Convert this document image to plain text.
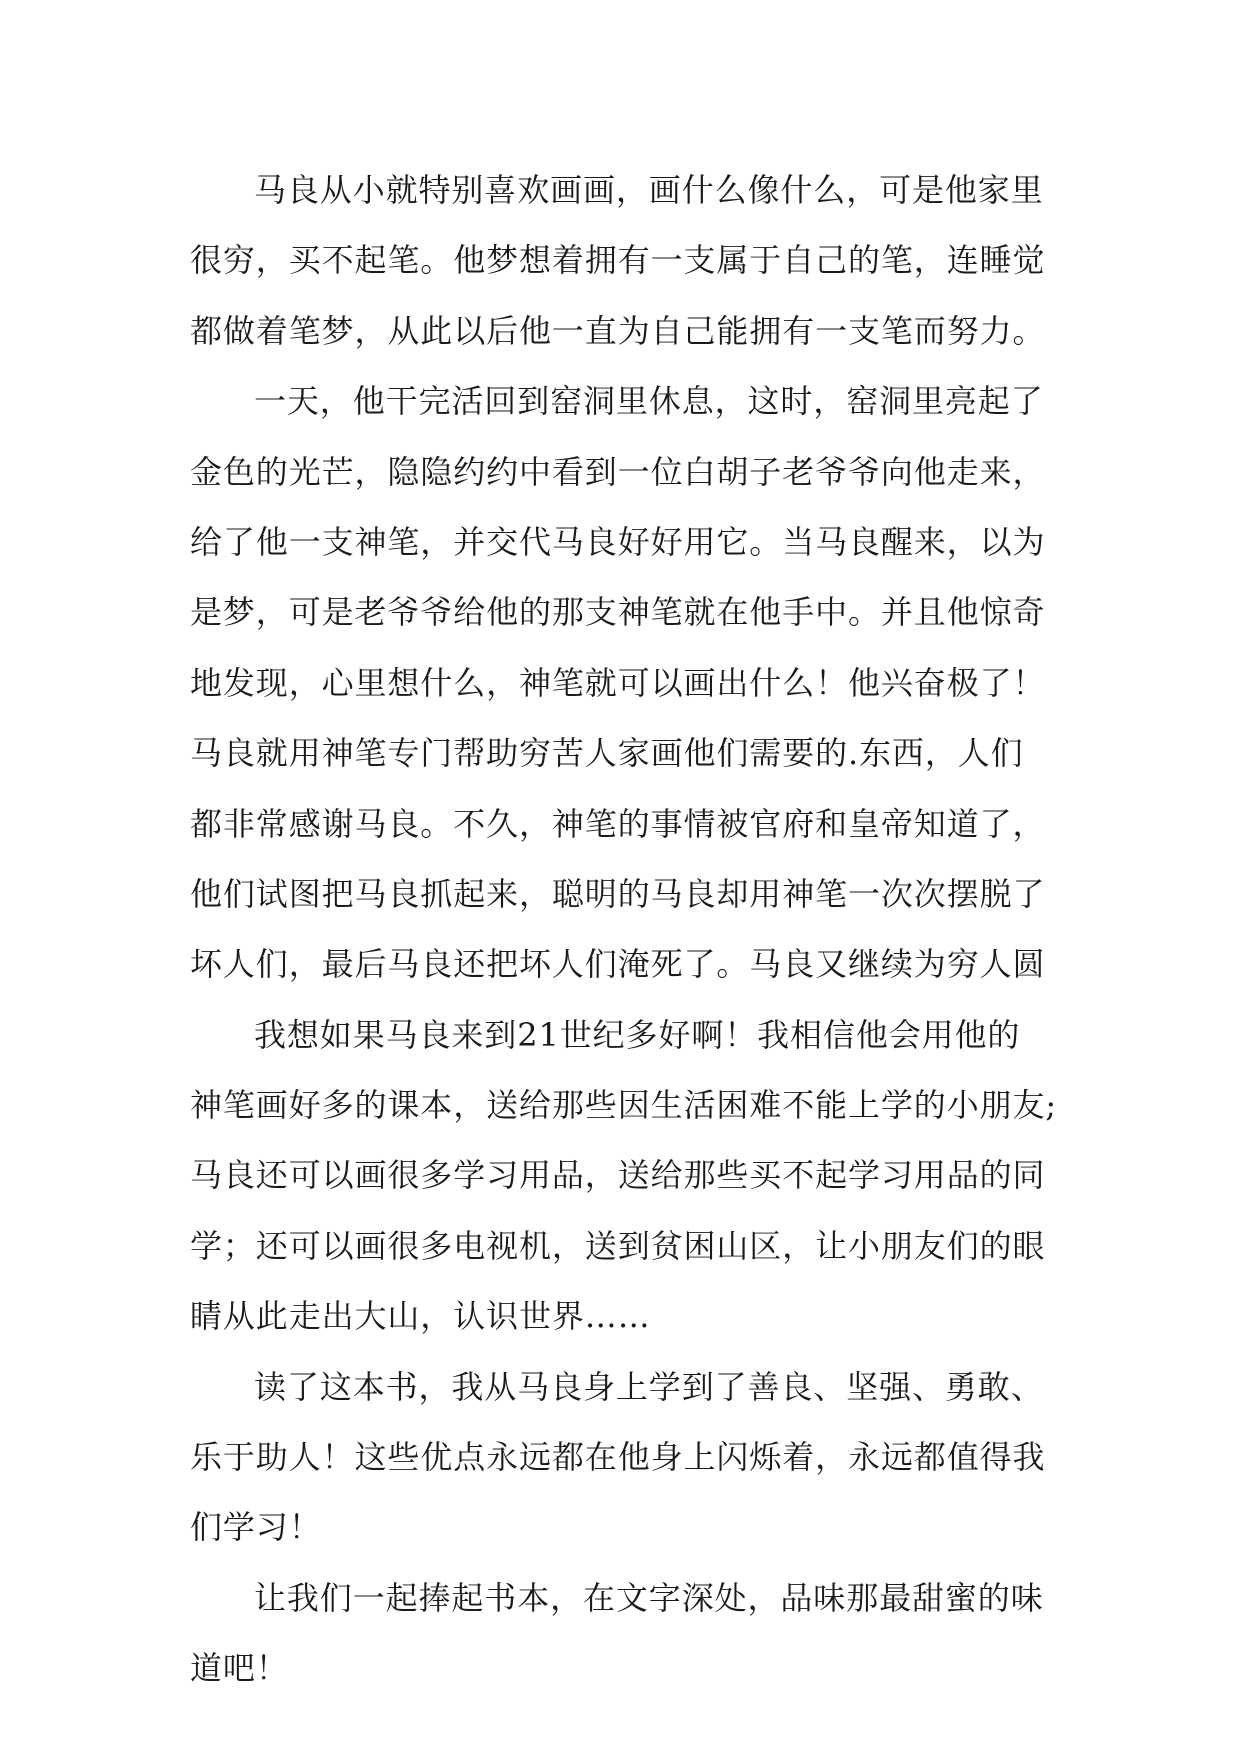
马良从小就特别喜欢画画，画什么像什么，可是他家里
很穷，买不起笔。他梦想着拥有一支属于自己的笔，连睡觉
都做着笔梦，从此以后他一直为自己能拥有一支笔而努力。
一天，他干完活回到窑洞里休息，这时，窑洞里亮起了
金色的光芒，隐隐约约中看到一位白胡子老爷爷向他走来，
给了他一支神笔，并交代马良好好用它。当马良醒来，以为
是梦，可是老爷爷给他的那支神笔就在他手中。并且他惊奇
地发现，心里想什么，神笔就可以画出什么！他兴奋极了！
马良就用神笔专门帮助穷苦人家画他们需要的.东西，人们
都非常感谢马良。不久，神笔的事情被官府和皇帝知道了，
他们试图把马良抓起来，聪明的马良却用神笔一次次摆脱了
坏人们，最后马良还把坏人们淹死了。马良又继续为穷人圆
我想如果马良来到21世纪多好啊！我相信他会用他的
神笔画好多的课本，送给那些因生活困难不能上学的小朋友;
马良还可以画很多学习用品，送给那些买不起学习用品的同
学；还可以画很多电视机，送到贫困山区，让小朋友们的眼
睛从此走出大山，认识世界……
读了这本书，我从马良身上学到了善良、坚强、勇敢、
乐于助人！这些优点永远都在他身上闪烁着，永远都值得我
们学习！
让我们一起捧起书本，在文字深处，品味那最甜蜜的味
道吧！
